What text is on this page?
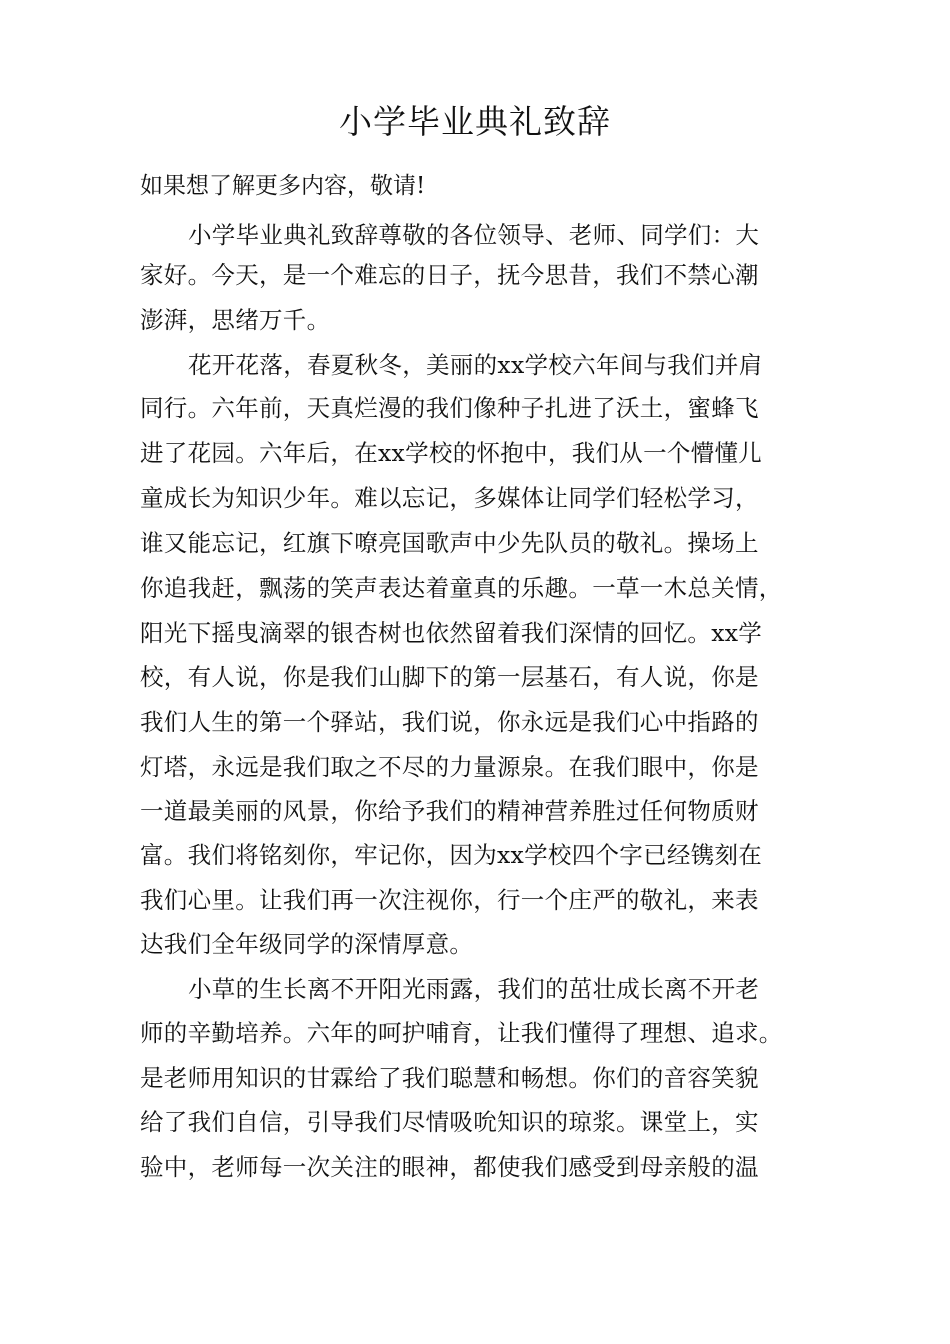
小学毕业典礼致辞

如果想了解更多内容，敬请!

小学毕业典礼致辞尊敬的各位领导、老师、同学们：大

家好。今天，是一个难忘的日子，抚今思昔，我们不禁心潮

澎湃，思绪万千。

花开花落，春夏秋冬，美丽的xx学校六年间与我们并肩

同行。六年前，天真烂漫的我们像种子扎进了沃土，蜜蜂飞

进了花园。六年后，在xx学校的怀抱中，我们从一个懵懂儿

童成长为知识少年。难以忘记，多媒体让同学们轻松学习，

谁又能忘记，红旗下嘹亮国歌声中少先队员的敬礼。操场上

你追我赶，飘荡的笑声表达着童真的乐趣。一草一木总关情，

阳光下摇曳滴翠的银杏树也依然留着我们深情的回忆。xx学

校，有人说，你是我们山脚下的第一层基石，有人说，你是

我们人生的第一个驿站，我们说，你永远是我们心中指路的

灯塔，永远是我们取之不尽的力量源泉。在我们眼中，你是

一道最美丽的风景，你给予我们的精神营养胜过任何物质财

富。我们将铭刻你，牢记你，因为xx学校四个字已经镌刻在

我们心里。让我们再一次注视你，行一个庄严的敬礼，来表

达我们全年级同学的深情厚意。

小草的生长离不开阳光雨露，我们的茁壮成长离不开老

师的辛勤培养。六年的呵护哺育，让我们懂得了理想、追求。

是老师用知识的甘霖给了我们聪慧和畅想。你们的音容笑貌

给了我们自信，引导我们尽情吸吮知识的琼浆。课堂上，实

验中，老师每一次关注的眼神，都使我们感受到母亲般的温
